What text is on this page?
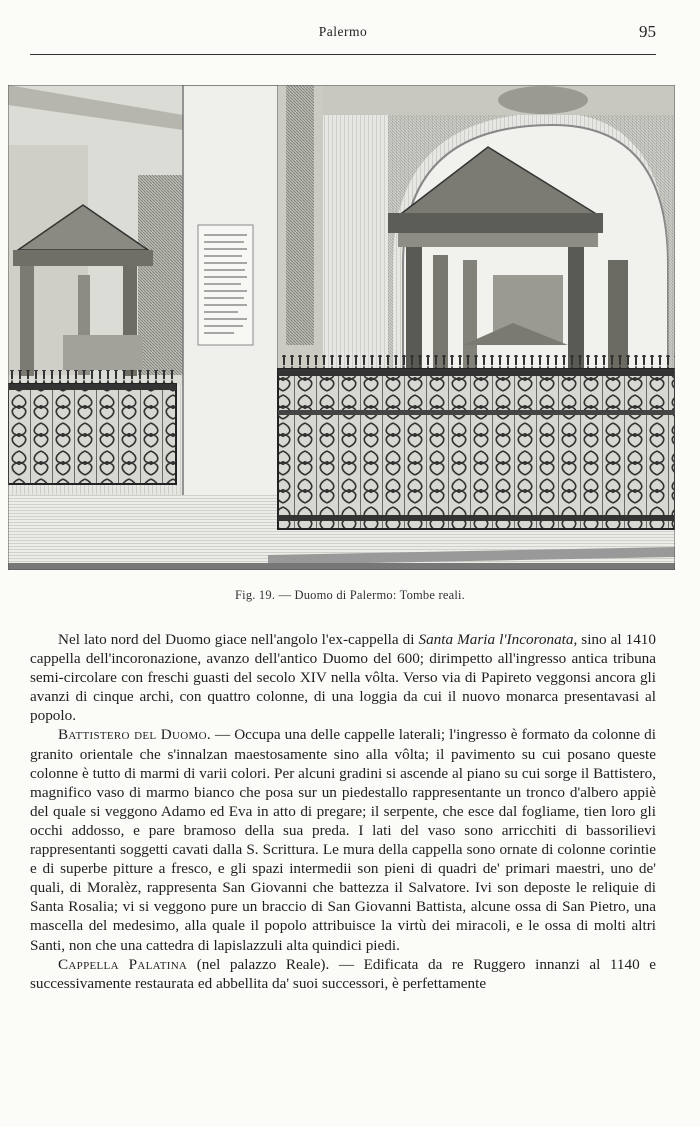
Palermo	95
Fig. 19. — Duomo di Palermo: Tombe reali.

Nel lato nord del Duomo giace nell'angolo l'ex-cappella di Santa Maria l'Incoronata, sino al 1410 cappella dell'incoronazione, avanzo dell'antico Duomo del 600; dirimpetto all'ingresso antica tribuna semi-circolare con freschi guasti del secolo XIV nella vôlta. Verso via di Papireto veggonsi ancora gli avanzi di cinque archi, con quattro colonne, di una loggia da cui il nuovo monarca presentavasi al popolo.

Battistero del Duomo. — Occupa una delle cappelle laterali; l'ingresso è formato da colonne di granito orientale che s'innalzan maestosamente sino alla vôlta; il pavimento su cui posano queste colonne è tutto di marmi di varii colori. Per alcuni gradini si ascende al piano su cui sorge il Battistero, magnifico vaso di marmo bianco che posa sur un piedestallo rappresentante un tronco d'albero appiè del quale si veggono Adamo ed Eva in atto di pregare; il serpente, che esce dal fogliame, tien loro gli occhi addosso, e pare bramoso della sua preda. I lati del vaso sono arricchiti di bassorilievi rappresentanti soggetti cavati dalla S. Scrittura. Le mura della cappella sono ornate di colonne corintie e di superbe pitture a fresco, e gli spazi intermedii son pieni di quadri de' primari maestri, uno de' quali, di Moralèz, rappresenta San Giovanni che battezza il Salvatore. Ivi son deposte le reliquie di Santa Rosalia; vi si veggono pure un braccio di San Giovanni Battista, alcune ossa di San Pietro, una mascella del medesimo, alla quale il popolo attribuisce la virtù dei miracoli, e le ossa di molti altri Santi, non che una cattedra di lapislazzuli alta quindici piedi.

Cappella Palatina (nel palazzo Reale). — Edificata da re Ruggero innanzi al 1140 e successivamente restaurata ed abbellita da' suoi successori, è perfettamente
